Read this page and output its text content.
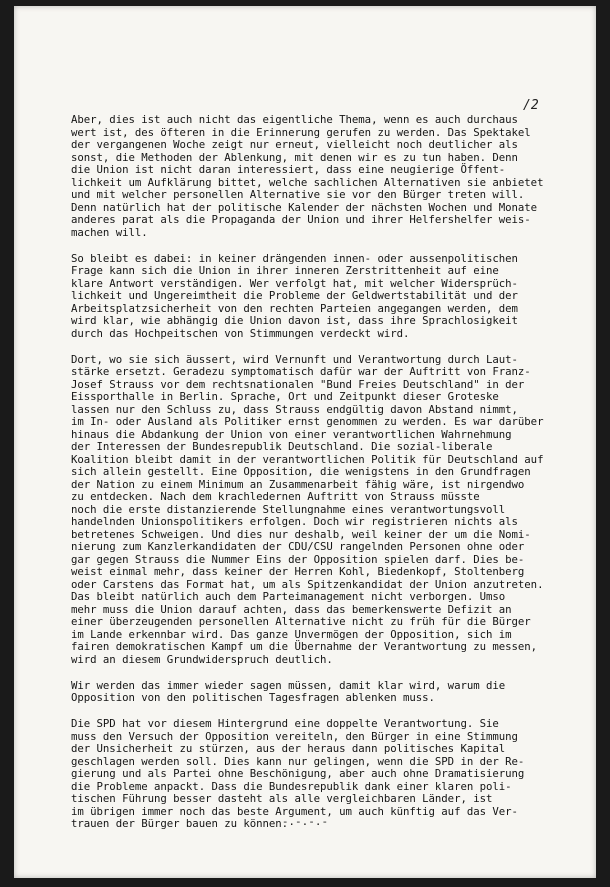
/2
Aber, dies ist auch nicht das eigentliche Thema, wenn es auch durchaus
wert ist, des öfteren in die Erinnerung gerufen zu werden. Das Spektakel
der vergangenen Woche zeigt nur erneut, vielleicht noch deutlicher als
sonst, die Methoden der Ablenkung, mit denen wir es zu tun haben. Denn
die Union ist nicht daran interessiert, dass eine neugierige Öffent-
lichkeit um Aufklärung bittet, welche sachlichen Alternativen sie anbietet
und mit welcher personellen Alternative sie vor den Bürger treten will.
Denn natürlich hat der politische Kalender der nächsten Wochen und Monate
anderes parat als die Propaganda der Union und ihrer Helfershelfer weis-
machen will.
So bleibt es dabei: in keiner drängenden innen- oder aussenpolitischen
Frage kann sich die Union in ihrer inneren Zerstrittenheit auf eine
klare Antwort verständigen. Wer verfolgt hat, mit welcher Widersprüch-
lichkeit und Ungereimtheit die Probleme der Geldwertstabilität und der
Arbeitsplatzsicherheit von den rechten Parteien angegangen werden, dem
wird klar, wie abhängig die Union davon ist, dass ihre Sprachlosigkeit
durch das Hochpeitschen von Stimmungen verdeckt wird.
Dort, wo sie sich äussert, wird Vernunft und Verantwortung durch Laut-
stärke ersetzt. Geradezu symptomatisch dafür war der Auftritt von Franz-
Josef Strauss vor dem rechtsnationalen "Bund Freies Deutschland" in der
Eissporthalle in Berlin. Sprache, Ort und Zeitpunkt dieser Groteske
lassen nur den Schluss zu, dass Strauss endgültig davon Abstand nimmt,
im In- oder Ausland als Politiker ernst genommen zu werden. Es war darüber
hinaus die Abdankung der Union von einer verantwortlichen Wahrnehmung
der Interessen der Bundesrepublik Deutschland. Die sozial-liberale
Koalition bleibt damit in der verantwortlichen Politik für Deutschland auf
sich allein gestellt. Eine Opposition, die wenigstens in den Grundfragen
der Nation zu einem Minimum an Zusammenarbeit fähig wäre, ist nirgendwo
zu entdecken. Nach dem krachledernen Auftritt von Strauss müsste
noch die erste distanzierende Stellungnahme eines verantwortungsvoll
handelnden Unionspolitikers erfolgen. Doch wir registrieren nichts als
betretenes Schweigen. Und dies nur deshalb, weil keiner der um die Nomi-
nierung zum Kanzlerkandidaten der CDU/CSU rangelnden Personen ohne oder
gar gegen Strauss die Nummer Eins der Opposition spielen darf. Dies be-
weist einmal mehr, dass keiner der Herren Kohl, Biedenkopf, Stoltenberg
oder Carstens das Format hat, um als Spitzenkandidat der Union anzutreten.
Das bleibt natürlich auch dem Parteimanagement nicht verborgen. Umso
mehr muss die Union darauf achten, dass das bemerkenswerte Defizit an
einer überzeugenden personellen Alternative nicht zu früh für die Bürger
im Lande erkennbar wird. Das ganze Unvermögen der Opposition, sich im
fairen demokratischen Kampf um die Übernahme der Verantwortung zu messen,
wird an diesem Grundwiderspruch deutlich.
Wir werden das immer wieder sagen müssen, damit klar wird, warum die
Opposition von den politischen Tagesfragen ablenken muss.
Die SPD hat vor diesem Hintergrund eine doppelte Verantwortung. Sie
muss den Versuch der Opposition vereiteln, den Bürger in eine Stimmung
der Unsicherheit zu stürzen, aus der heraus dann politisches Kapital
geschlagen werden soll. Dies kann nur gelingen, wenn die SPD in der Re-
gierung und als Partei ohne Beschönigung, aber auch ohne Dramatisierung
die Probleme anpackt. Dass die Bundesrepublik dank einer klaren poli-
tischen Führung besser dasteht als alle vergleichbaren Länder, ist
im übrigen immer noch das beste Argument, um auch künftig auf das Ver-
trauen der Bürger bauen zu können.
-.-.-.-
